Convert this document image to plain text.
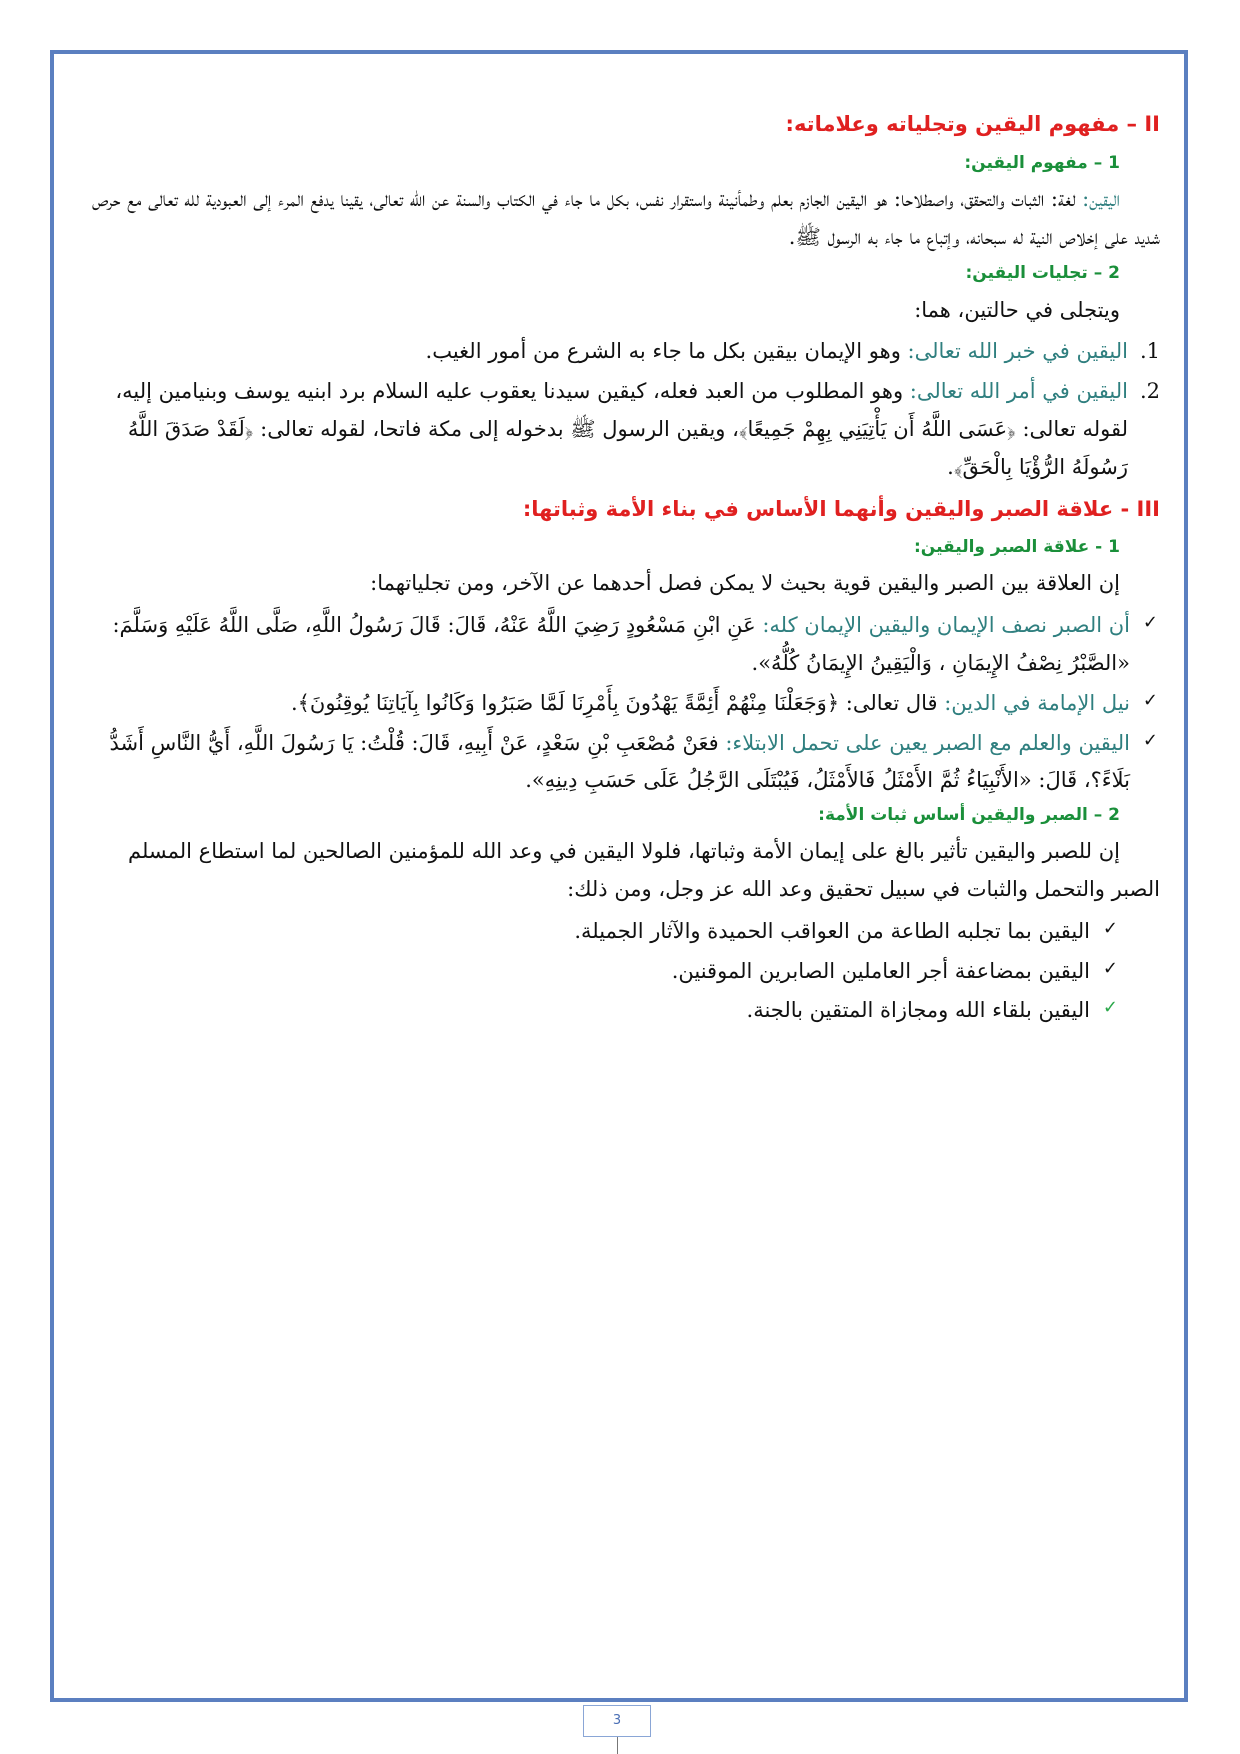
II – مفهوم اليقين وتجلياته وعلاماته:
1 – مفهوم اليقين:

اليقين: لغة: الثبات والتحقق، واصطلاحا: هو اليقين الجازم بعلم وطمأنينة واستقرار نفس، بكل ما جاء في الكتاب والسنة عن الله تعالى، يقينا يدفع المرء إلى العبودية لله تعالى مع حرص شديد على إخلاص النية له سبحانه، وإتباع ما جاء به الرسول ﷺ.

2 – تجليات اليقين:

ويتجلى في حالتين، هما:

1.
اليقين في خبر الله تعالى: وهو الإيمان بيقين بكل ما جاء به الشرع من أمور الغيب.
2.
اليقين في أمر الله تعالى: وهو المطلوب من العبد فعله، كيقين سيدنا يعقوب عليه السلام برد ابنيه يوسف وبنيامين إليه، لقوله تعالى: ﴿عَسَى اللَّهُ أَن يَأْتِيَنِي بِهِمْ جَمِيعًا﴾، ويقين الرسول ﷺ بدخوله إلى مكة فاتحا، لقوله تعالى: ﴿لَقَدْ صَدَقَ اللَّهُ رَسُولَهُ الرُّؤْيَا بِالْحَقِّ﴾.
III - علاقة الصبر واليقين وأنهما الأساس في بناء الأمة وثباتها:
1 - علاقة الصبر واليقين:

إن العلاقة بين الصبر واليقين قوية بحيث لا يمكن فصل أحدهما عن الآخر، ومن تجلياتهما:

✓
أن الصبر نصف الإيمان واليقين الإيمان كله: عَنِ ابْنِ مَسْعُودٍ رَضِيَ اللَّهُ عَنْهُ، قَالَ: قَالَ رَسُولُ اللَّهِ، صَلَّى اللَّهُ عَلَيْهِ وَسَلَّمَ: «الصَّبْرُ نِصْفُ الإِيمَانِ ، وَالْيَقِينُ الإِيمَانُ كُلُّهُ».
✓
نيل الإمامة في الدين: قال تعالى: ﴿وَجَعَلْنَا مِنْهُمْ أَئِمَّةً يَهْدُونَ بِأَمْرِنَا لَمَّا صَبَرُوا وَكَانُوا بِآيَاتِنَا يُوقِنُونَ﴾.
✓
اليقين والعلم مع الصبر يعين على تحمل الابتلاء: فعَنْ مُصْعَبِ بْنِ سَعْدٍ، عَنْ أَبِيهِ، قَالَ: قُلْتُ: يَا رَسُولَ اللَّهِ، أَيُّ النَّاسِ أَشَدُّ بَلَاءً؟، قَالَ: «الأَنْبِيَاءُ ثُمَّ الأَمْثَلُ فَالأَمْثَلُ، فَيُبْتَلَى الرَّجُلُ عَلَى حَسَبِ دِينِهِ».
2 – الصبر واليقين أساس ثبات الأمة:

إن للصبر واليقين تأثير بالغ على إيمان الأمة وثباتها، فلولا اليقين في وعد الله للمؤمنين الصالحين لما استطاع المسلم الصبر والتحمل والثبات في سبيل تحقيق وعد الله عز وجل، ومن ذلك:

✓
اليقين بما تجلبه الطاعة من العواقب الحميدة والآثار الجميلة.
✓
اليقين بمضاعفة أجر العاملين الصابرين الموقنين.
✓
اليقين بلقاء الله ومجازاة المتقين بالجنة.
3
